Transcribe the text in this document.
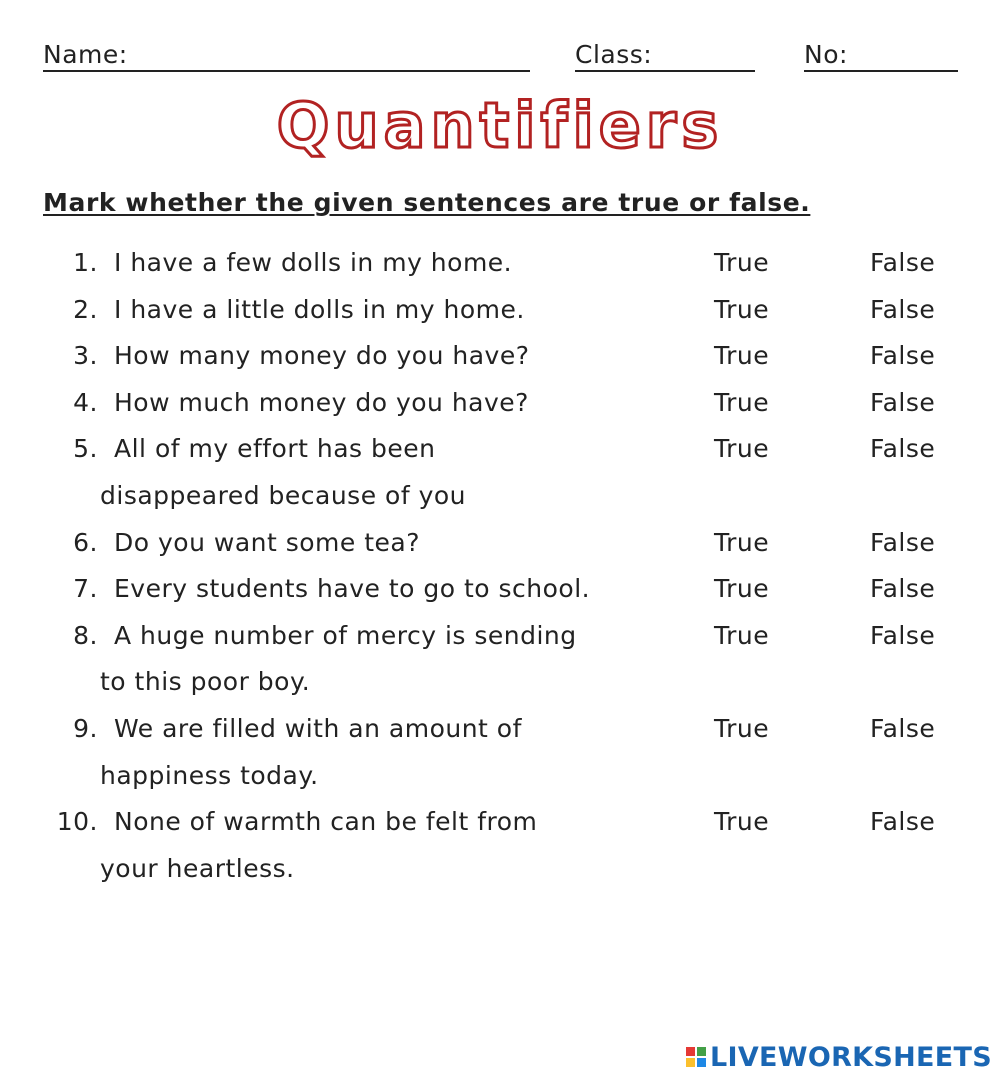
Name:	Class:	No:
Quantifiers
Mark whether the given sentences are true or false.
1. I have a few dolls in my home.	True	False
2. I have a little dolls in my home.	True	False
3. How many money do you have?	True	False
4. How much money do you have?	True	False
5. All of my effort has been
disappeared because of you
True	False
6. Do you want some tea?	True	False
7. Every students have to go to school.	True	False
8. A huge number of mercy is sending
to this poor boy.
True	False
9. We are filled with an amount of
happiness today.
True	False
10. None of warmth can be felt from
your heartless.
True	False
LIVEWORKSHEETS
